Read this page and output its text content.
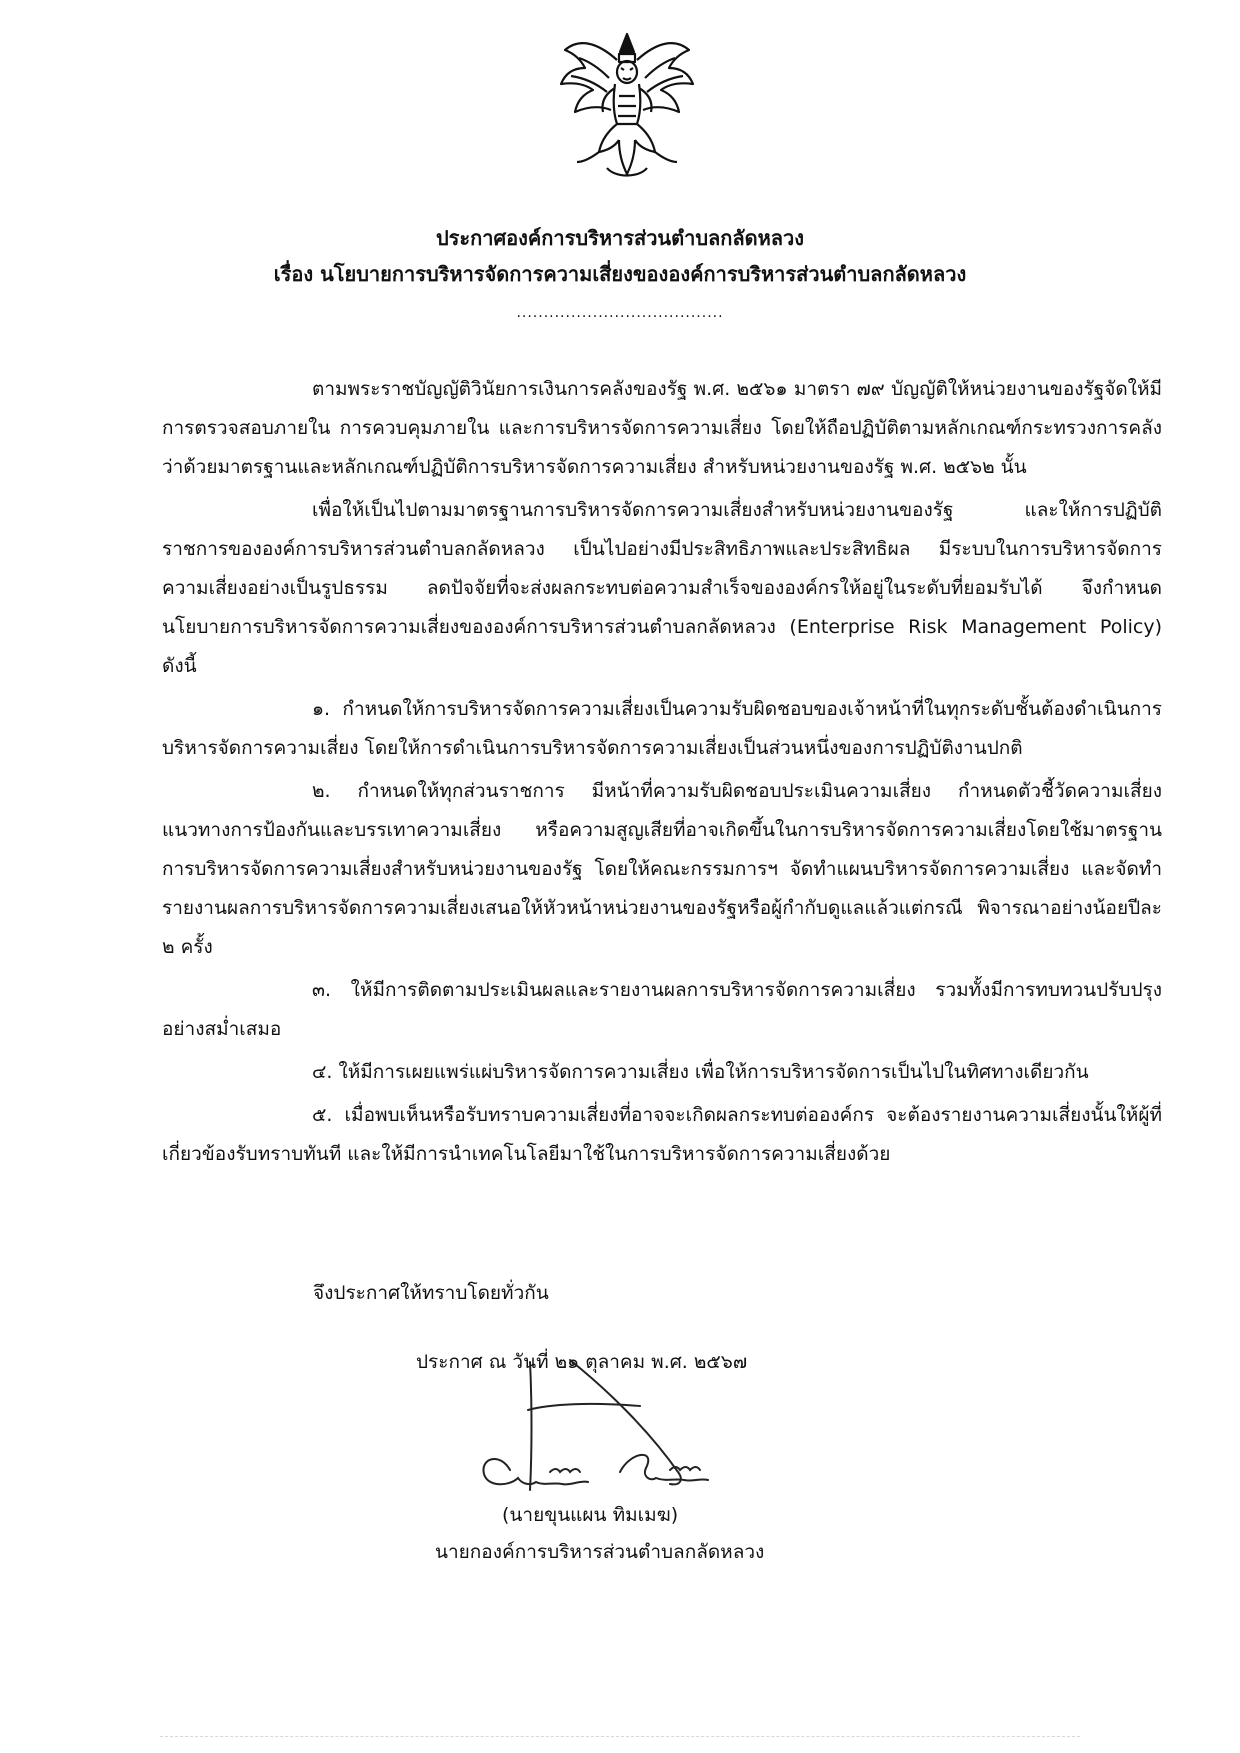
ประกาศองค์การบริหารส่วนตำบลกลัดหลวง
เรื่อง นโยบายการบริหารจัดการความเสี่ยงขององค์การบริหารส่วนตำบลกลัดหลวง
......................................

ตามพระราชบัญญัติวินัยการเงินการคลังของรัฐ พ.ศ. ๒๕๖๑ มาตรา ๗๙ บัญญัติให้หน่วยงานของรัฐจัดให้มีการตรวจสอบภายใน การควบคุมภายใน และการบริหารจัดการความเสี่ยง โดยให้ถือปฏิบัติตามหลักเกณฑ์กระทรวงการคลังว่าด้วยมาตรฐานและหลักเกณฑ์ปฏิบัติการบริหารจัดการความเสี่ยง สำหรับหน่วยงานของรัฐ พ.ศ. ๒๕๖๒ นั้น

เพื่อให้เป็นไปตามมาตรฐานการบริหารจัดการความเสี่ยงสำหรับหน่วยงานของรัฐ และให้การปฏิบัติราชการขององค์การบริหารส่วนตำบลกลัดหลวง เป็นไปอย่างมีประสิทธิภาพและประสิทธิผล มีระบบในการบริหารจัดการความเสี่ยงอย่างเป็นรูปธรรม ลดปัจจัยที่จะส่งผลกระทบต่อความสำเร็จขององค์กรให้อยู่ในระดับที่ยอมรับได้ จึงกำหนดนโยบายการบริหารจัดการความเสี่ยงขององค์การบริหารส่วนตำบลกลัดหลวง (Enterprise Risk Management Policy) ดังนี้

๑. กำหนดให้การบริหารจัดการความเสี่ยงเป็นความรับผิดชอบของเจ้าหน้าที่ในทุกระดับชั้นต้องดำเนินการบริหารจัดการความเสี่ยง โดยให้การดำเนินการบริหารจัดการความเสี่ยงเป็นส่วนหนึ่งของการปฏิบัติงานปกติ

๒. กำหนดให้ทุกส่วนราชการ มีหน้าที่ความรับผิดชอบประเมินความเสี่ยง กำหนดตัวชี้วัดความเสี่ยงแนวทางการป้องกันและบรรเทาความเสี่ยง หรือความสูญเสียที่อาจเกิดขึ้นในการบริหารจัดการความเสี่ยงโดยใช้มาตรฐานการบริหารจัดการความเสี่ยงสำหรับหน่วยงานของรัฐ โดยให้คณะกรรมการฯ จัดทำแผนบริหารจัดการความเสี่ยง และจัดทำรายงานผลการบริหารจัดการความเสี่ยงเสนอให้หัวหน้าหน่วยงานของรัฐหรือผู้กำกับดูแลแล้วแต่กรณี พิจารณาอย่างน้อยปีละ ๒ ครั้ง

๓. ให้มีการติดตามประเมินผลและรายงานผลการบริหารจัดการความเสี่ยง รวมทั้งมีการทบทวนปรับปรุงอย่างสม่ำเสมอ

๔. ให้มีการเผยแพร่แผ่บริหารจัดการความเสี่ยง เพื่อให้การบริหารจัดการเป็นไปในทิศทางเดียวกัน

๕. เมื่อพบเห็นหรือรับทราบความเสี่ยงที่อาจจะเกิดผลกระทบต่อองค์กร จะต้องรายงานความเสี่ยงนั้นให้ผู้ที่เกี่ยวข้องรับทราบทันที และให้มีการนำเทคโนโลยีมาใช้ในการบริหารจัดการความเสี่ยงด้วย

จึงประกาศให้ทราบโดยทั่วกัน
ประกาศ ณ วันที่ ๒๑ ตุลาคม พ.ศ. ๒๕๖๗
(นายขุนแผน ทิมเมฆ)
นายกองค์การบริหารส่วนตำบลกลัดหลวง
